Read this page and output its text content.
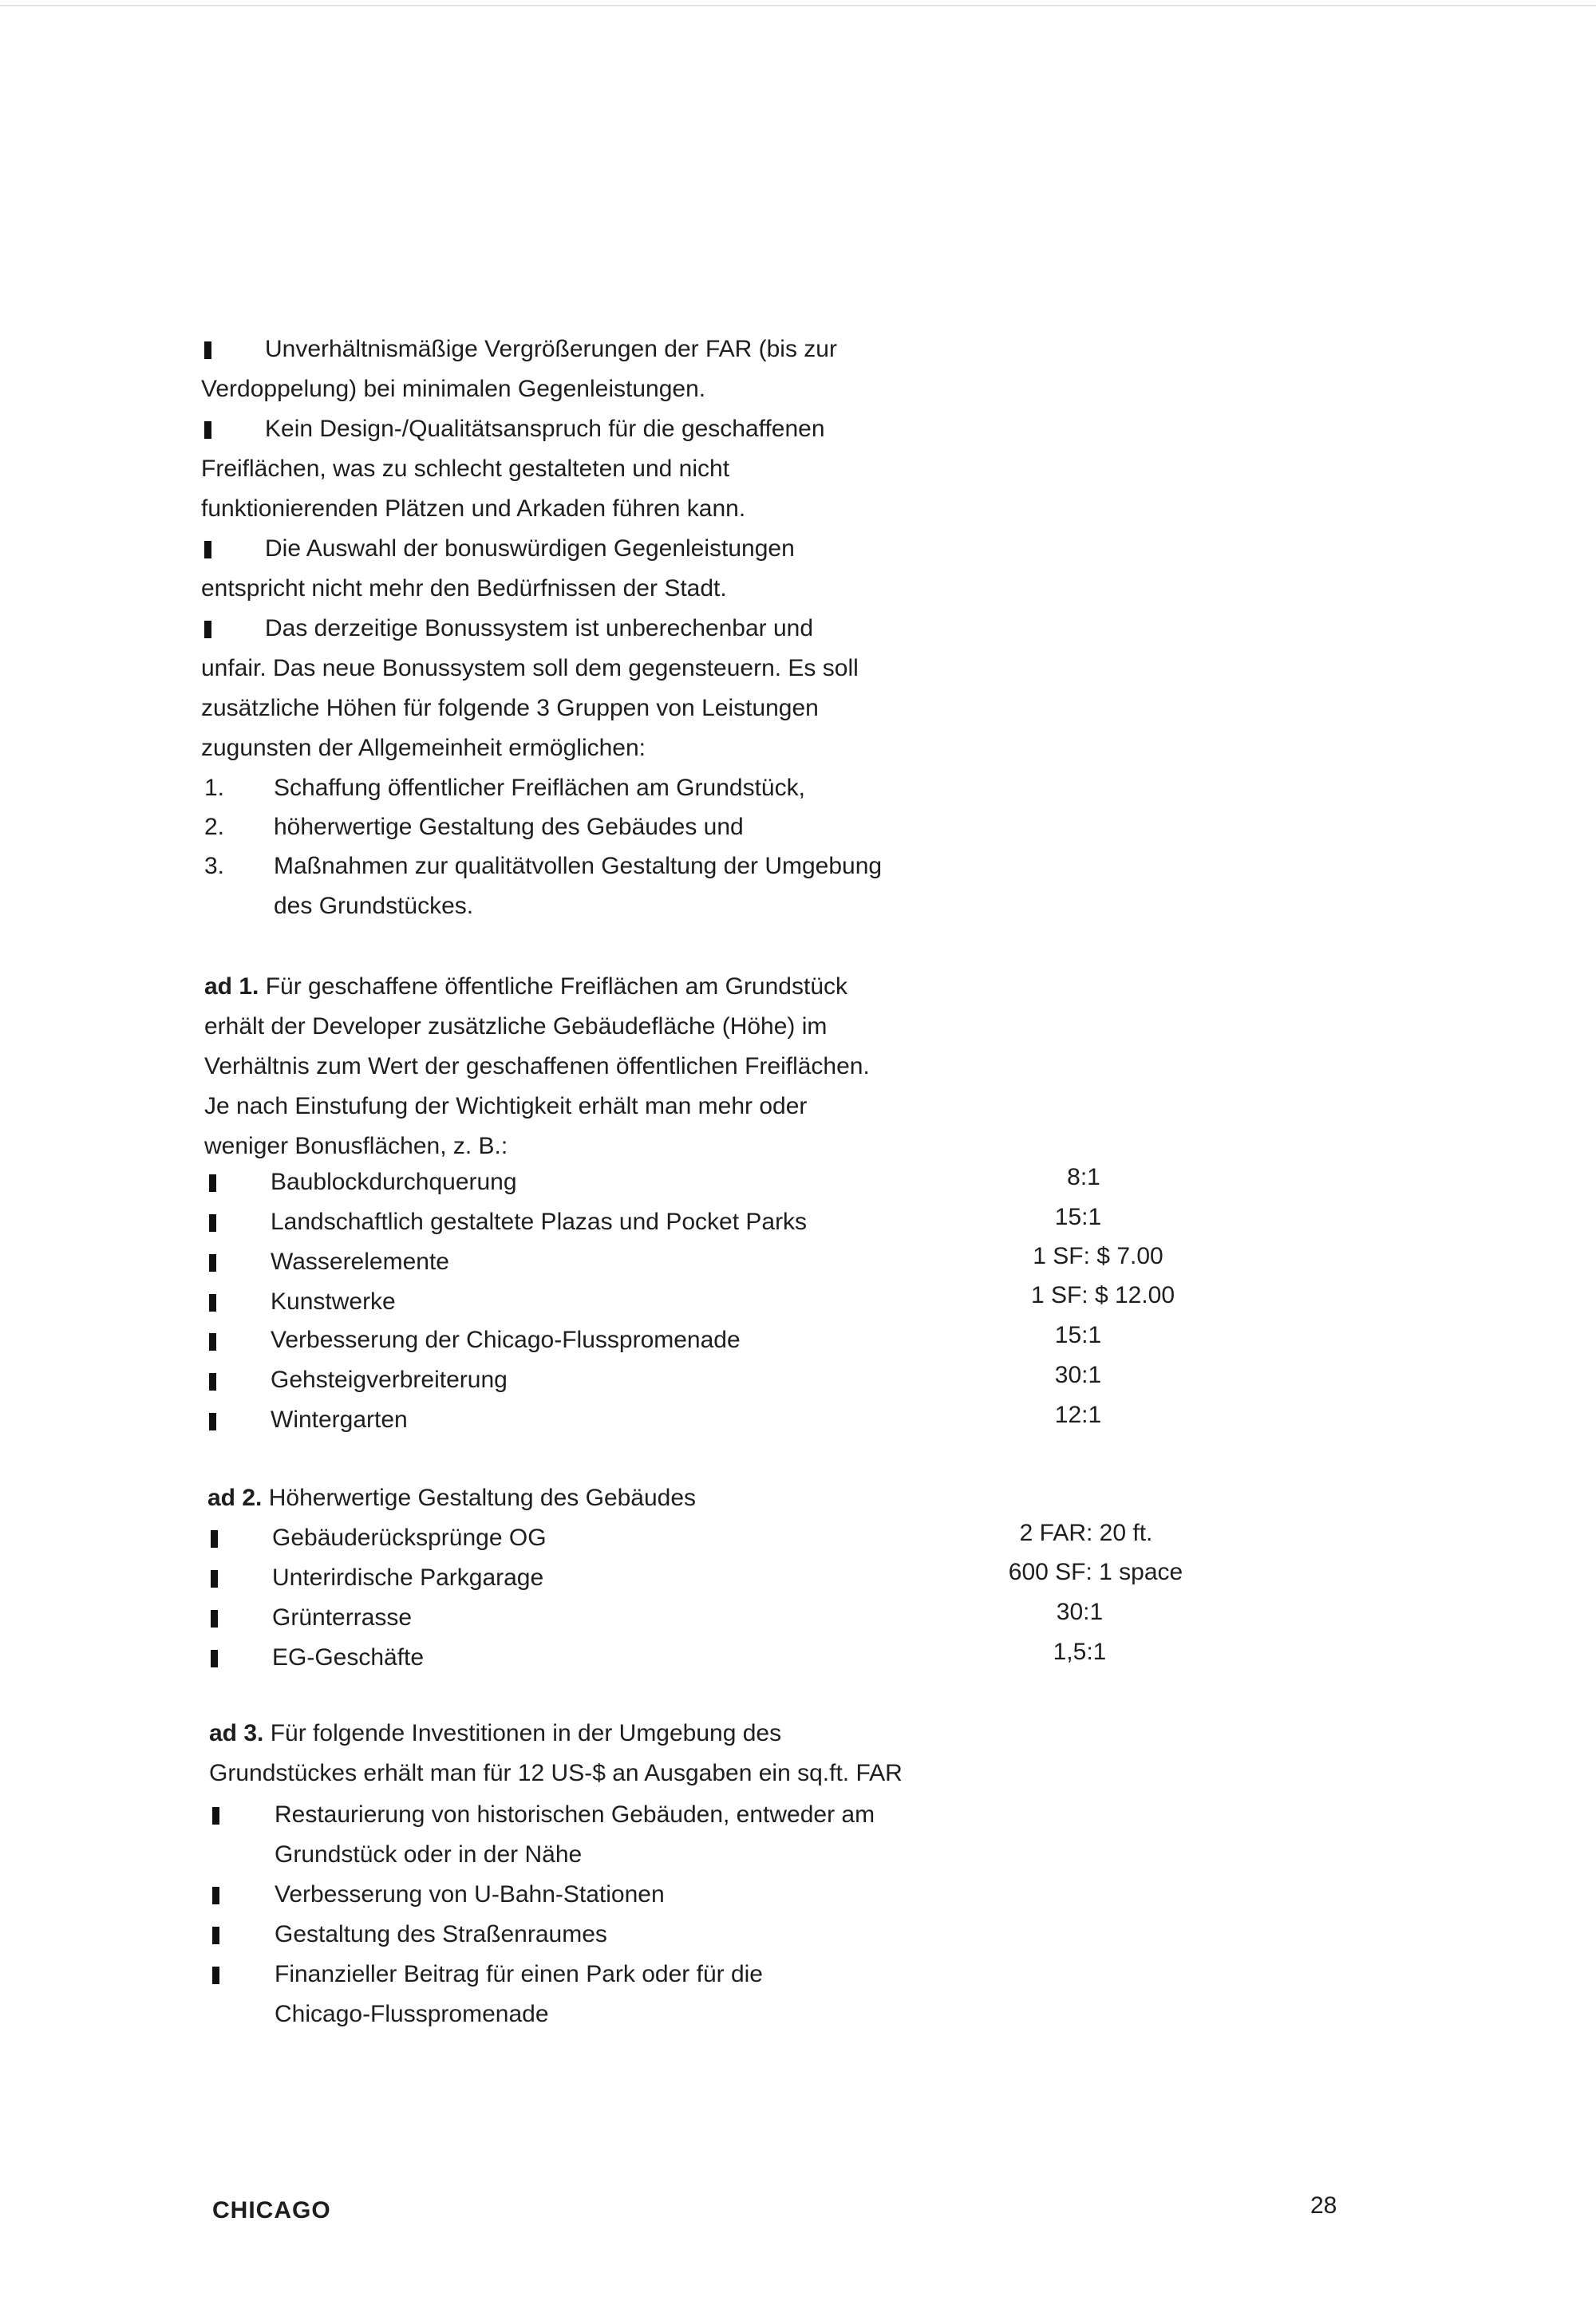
Unverhältnismäßige Vergrößerungen der FAR (bis zur
Verdoppelung) bei minimalen Gegenleistungen.
Kein Design-/Qualitätsanspruch für die geschaffenen
Freiflächen, was zu schlecht gestalteten und nicht
funktionierenden Plätzen und Arkaden führen kann.
Die Auswahl der bonuswürdigen Gegenleistungen
entspricht nicht mehr den Bedürfnissen der Stadt.
Das derzeitige Bonussystem ist unberechenbar und
unfair. Das neue Bonussystem soll dem gegensteuern. Es soll
zusätzliche Höhen für folgende 3 Gruppen von Leistungen
zugunsten der Allgemeinheit ermöglichen:
1. Schaffung öffentlicher Freiflächen am Grundstück,
2. höherwertige Gestaltung des Gebäudes und
3. Maßnahmen zur qualitätvollen Gestaltung der Umgebung
des Grundstückes.
ad 1. Für geschaffene öffentliche Freiflächen am Grundstück
erhält der Developer zusätzliche Gebäudefläche (Höhe) im
Verhältnis zum Wert der geschaffenen öffentlichen Freiflächen.
Je nach Einstufung der Wichtigkeit erhält man mehr oder
weniger Bonusflächen, z. B.:
Baublockdurchquerung	8:1
Landschaftlich gestaltete Plazas und Pocket Parks	15:1
Wasserelemente	1 SF: $ 7.00
Kunstwerke	1 SF: $ 12.00
Verbesserung der Chicago-Flusspromenade	15:1
Gehsteigverbreiterung	30:1
Wintergarten	12:1
ad 2. Höherwertige Gestaltung des Gebäudes
Gebäuderücksprünge OG	2 FAR: 20 ft.
Unterirdische Parkgarage	600 SF: 1 space
Grünterrasse	30:1
EG-Geschäfte	1,5:1
ad 3. Für folgende Investitionen in der Umgebung des
Grundstückes erhält man für 12 US-$ an Ausgaben ein sq.ft. FAR
Restaurierung von historischen Gebäuden, entweder am
Grundstück oder in der Nähe
Verbesserung von U-Bahn-Stationen
Gestaltung des Straßenraumes
Finanzieller Beitrag für einen Park oder für die
Chicago-Flusspromenade
CHICAGO	28
